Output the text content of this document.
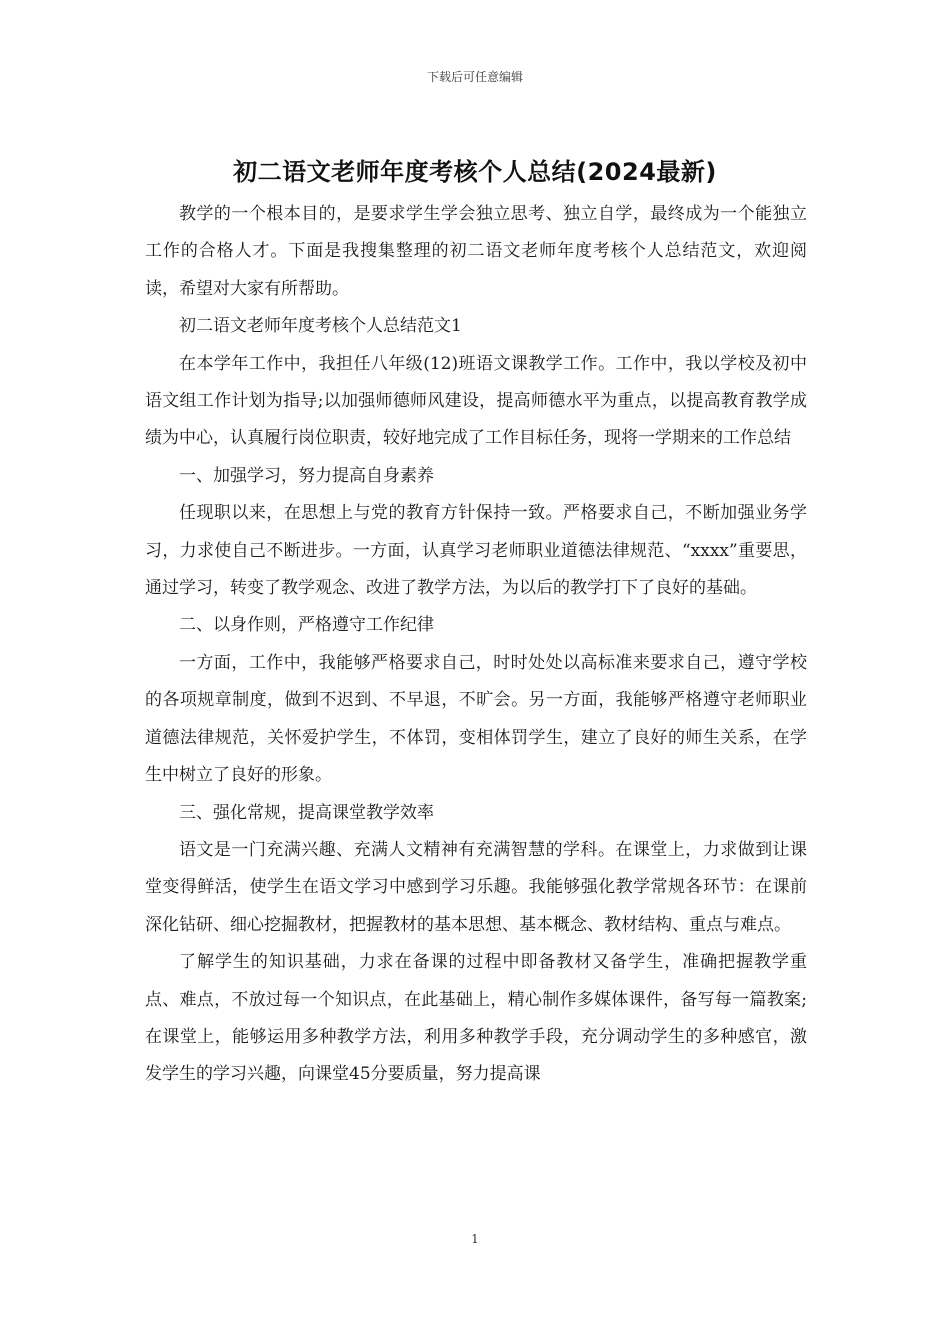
下载后可任意编辑
初二语文老师年度考核个人总结(2024最新)

教学的一个根本目的，是要求学生学会独立思考、独立自学，最终成为一个能独立工作的合格人才。下面是我搜集整理的初二语文老师年度考核个人总结范文，欢迎阅读，希望对大家有所帮助。

初二语文老师年度考核个人总结范文1

在本学年工作中，我担任八年级(12)班语文课教学工作。工作中，我以学校及初中语文组工作计划为指导;以加强师德师风建设，提高师德水平为重点，以提高教育教学成绩为中心，认真履行岗位职责，较好地完成了工作目标任务，现将一学期来的工作总结

一、加强学习，努力提高自身素养

任现职以来，在思想上与党的教育方针保持一致。严格要求自己，不断加强业务学习，力求使自己不断进步。一方面，认真学习老师职业道德法律规范、“xxxx”重要思，通过学习，转变了教学观念、改进了教学方法，为以后的教学打下了良好的基础。

二、以身作则，严格遵守工作纪律

一方面，工作中，我能够严格要求自己，时时处处以高标准来要求自己，遵守学校的各项规章制度，做到不迟到、不早退，不旷会。另一方面，我能够严格遵守老师职业道德法律规范，关怀爱护学生，不体罚，变相体罚学生，建立了良好的师生关系，在学生中树立了良好的形象。

三、强化常规，提高课堂教学效率

语文是一门充满兴趣、充满人文精神有充满智慧的学科。在课堂上，力求做到让课堂变得鲜活，使学生在语文学习中感到学习乐趣。我能够强化教学常规各环节：在课前深化钻研、细心挖掘教材，把握教材的基本思想、基本概念、教材结构、重点与难点。

了解学生的知识基础，力求在备课的过程中即备教材又备学生，准确把握教学重点、难点，不放过每一个知识点，在此基础上，精心制作多媒体课件，备写每一篇教案;在课堂上，能够运用多种教学方法，利用多种教学手段，充分调动学生的多种感官，激发学生的学习兴趣，向课堂45分要质量，努力提高课

1
